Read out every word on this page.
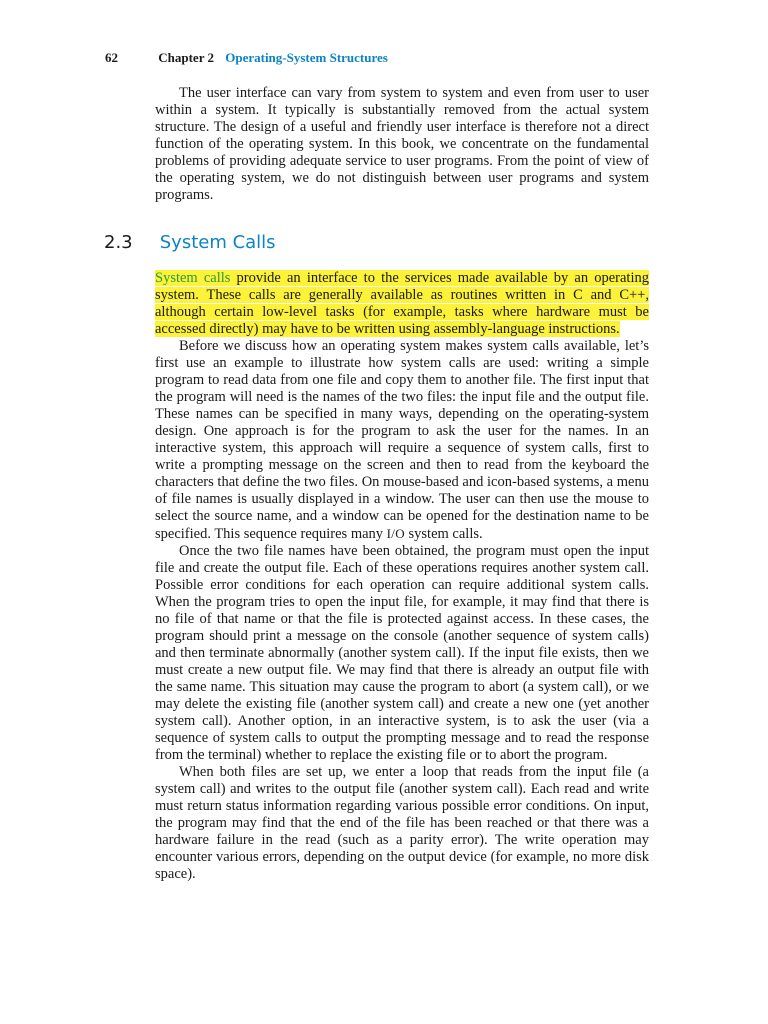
62	Chapter 2 Operating-System Structures

The user interface can vary from system to system and even from user to user within a system. It typically is substantially removed from the actual system structure. The design of a useful and friendly user interface is therefore not a direct function of the operating system. In this book, we concentrate on the fundamental problems of providing adequate service to user programs. From the point of view of the operating system, we do not distinguish between user programs and system programs.

2.3 System Calls

System calls provide an interface to the services made available by an operating system. These calls are generally available as routines written in C and C++, although certain low-level tasks (for example, tasks where hardware must be accessed directly) may have to be written using assembly-language instructions.

Before we discuss how an operating system makes system calls available, let’s first use an example to illustrate how system calls are used: writing a simple program to read data from one file and copy them to another file. The first input that the program will need is the names of the two files: the input file and the output file. These names can be specified in many ways, depending on the operating-system design. One approach is for the program to ask the user for the names. In an interactive system, this approach will require a sequence of system calls, first to write a prompting message on the screen and then to read from the keyboard the characters that define the two files. On mouse-based and icon-based systems, a menu of file names is usually displayed in a window. The user can then use the mouse to select the source name, and a window can be opened for the destination name to be specified. This sequence requires many I/O system calls.

Once the two file names have been obtained, the program must open the input file and create the output file. Each of these operations requires another system call. Possible error conditions for each operation can require additional system calls. When the program tries to open the input file, for example, it may find that there is no file of that name or that the file is protected against access. In these cases, the program should print a message on the console (another sequence of system calls) and then terminate abnormally (another system call). If the input file exists, then we must create a new output file. We may find that there is already an output file with the same name. This situation may cause the program to abort (a system call), or we may delete the existing file (another system call) and create a new one (yet another system call). Another option, in an interactive system, is to ask the user (via a sequence of system calls to output the prompting message and to read the response from the terminal) whether to replace the existing file or to abort the program.

When both files are set up, we enter a loop that reads from the input file (a system call) and writes to the output file (another system call). Each read and write must return status information regarding various possible error conditions. On input, the program may find that the end of the file has been reached or that there was a hardware failure in the read (such as a parity error). The write operation may encounter various errors, depending on the output device (for example, no more disk space).
